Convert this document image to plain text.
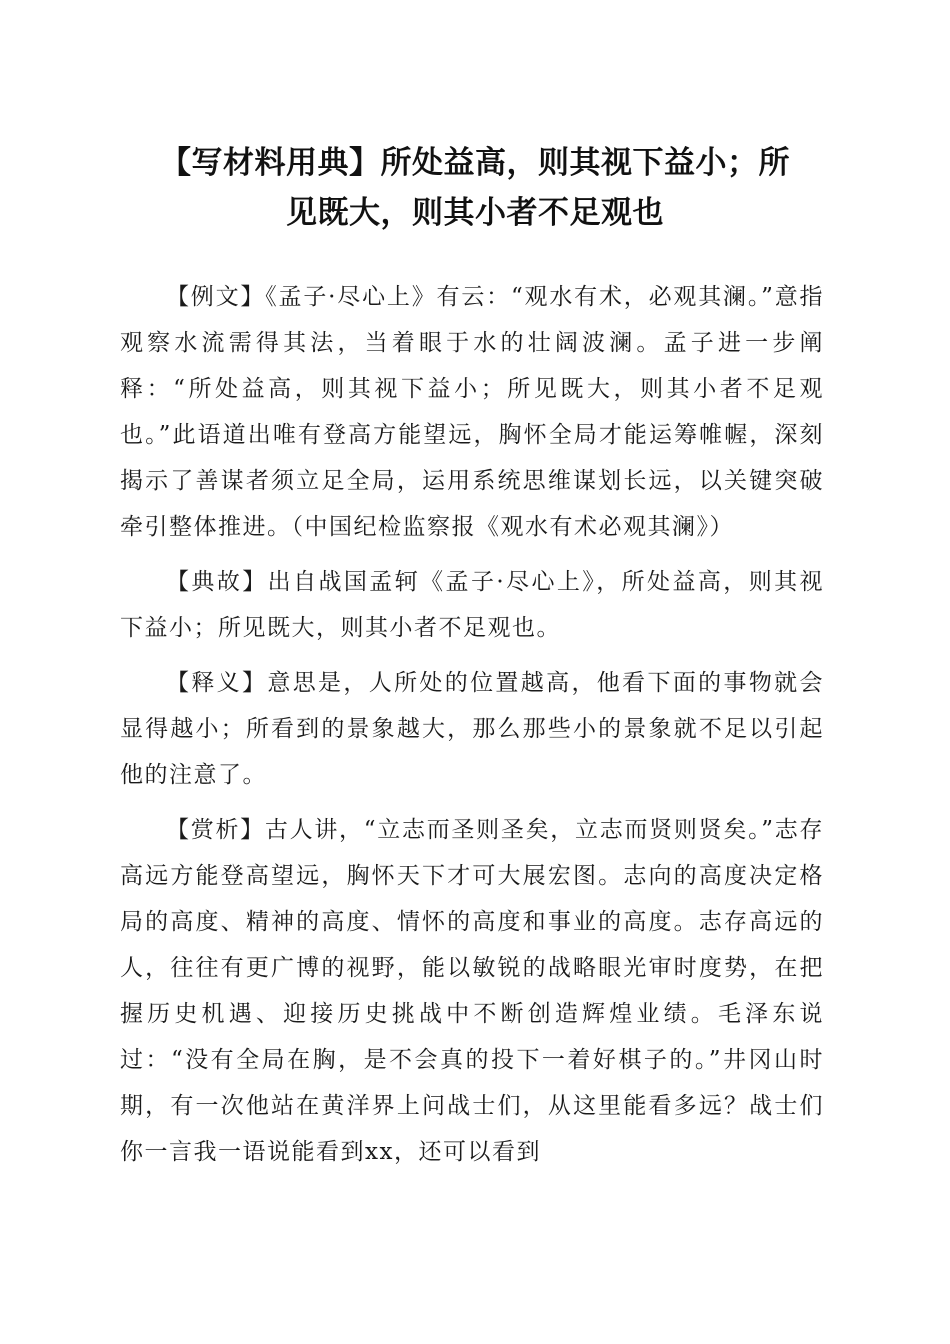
【写材料用典】所处益高，则其视下益小；所
见既大，则其小者不足观也

【例文】《孟子·尽心上》有云：“观水有术，必观其澜。”意指观察水流需得其法，当着眼于水的壮阔波澜。孟子进一步阐释：“所处益高，则其视下益小；所见既大，则其小者不足观也。”此语道出唯有登高方能望远，胸怀全局才能运筹帷幄，深刻揭示了善谋者须立足全局，运用系统思维谋划长远，以关键突破牵引整体推进。（中国纪检监察报《观水有术必观其澜》）

【典故】出自战国孟轲《孟子·尽心上》，所处益高，则其视下益小；所见既大，则其小者不足观也。

【释义】意思是，人所处的位置越高，他看下面的事物就会显得越小；所看到的景象越大，那么那些小的景象就不足以引起他的注意了。

【赏析】古人讲，“立志而圣则圣矣，立志而贤则贤矣。”志存高远方能登高望远，胸怀天下才可大展宏图。志向的高度决定格局的高度、精神的高度、情怀的高度和事业的高度。志存高远的人，往往有更广博的视野，能以敏锐的战略眼光审时度势，在把握历史机遇、迎接历史挑战中不断创造辉煌业绩。毛泽东说过：“没有全局在胸，是不会真的投下一着好棋子的。”井冈山时期，有一次他站在黄洋界上问战士们，从这里能看多远？战士们你一言我一语说能看到xx，还可以看到
